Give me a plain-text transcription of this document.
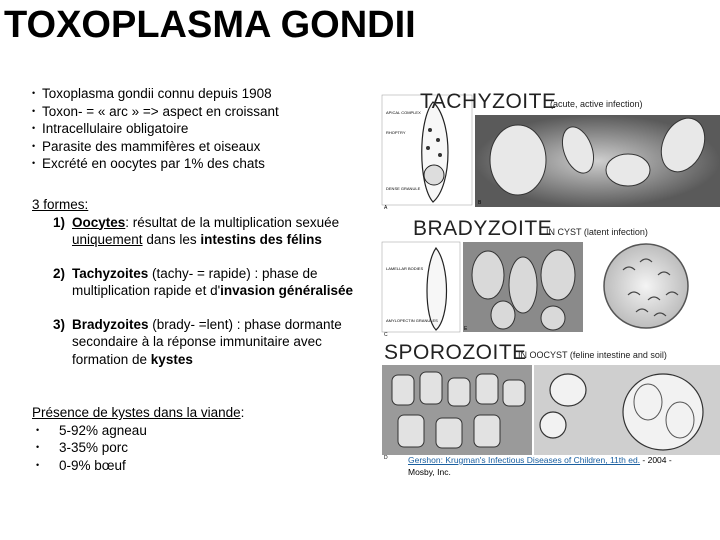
TOXOPLASMA GONDII
• Toxoplasma gondii connu depuis 1908
• Toxon- = « arc » => aspect en croissant
• Intracellulaire obligatoire
• Parasite des mammifères et oiseaux
• Excrété en oocytes par 1% des chats
3 formes:
1) Oocytes: résultat de la multiplication sexuée uniquement dans les intestins des félins
2) Tachyzoites (tachy- = rapide) : phase de multiplication rapide et d'invasion généralisée
3) Bradyzoites (brady- =lent) : phase dormante secondaire à la réponse immunitaire avec formation de kystes
Présence de kystes dans la viande:
•	5-92% agneau
•	3-35% porc
•	0-9% bœuf
APICAL COMPLEX
RHOPTRY
DENSE GRANULE
A
B
LAMELLAR BODIES
AMYLOPECTIN GRANULES
C
D
E
TACHYZOITE
(acute, active infection)
BRADYZOITE
IN CYST (latent infection)
SPOROZOITE
IN OOCYST (feline intestine and soil)
Gershon: Krugman's Infectious Diseases of Children, 11th ed. - 2004 - Mosby, Inc.
